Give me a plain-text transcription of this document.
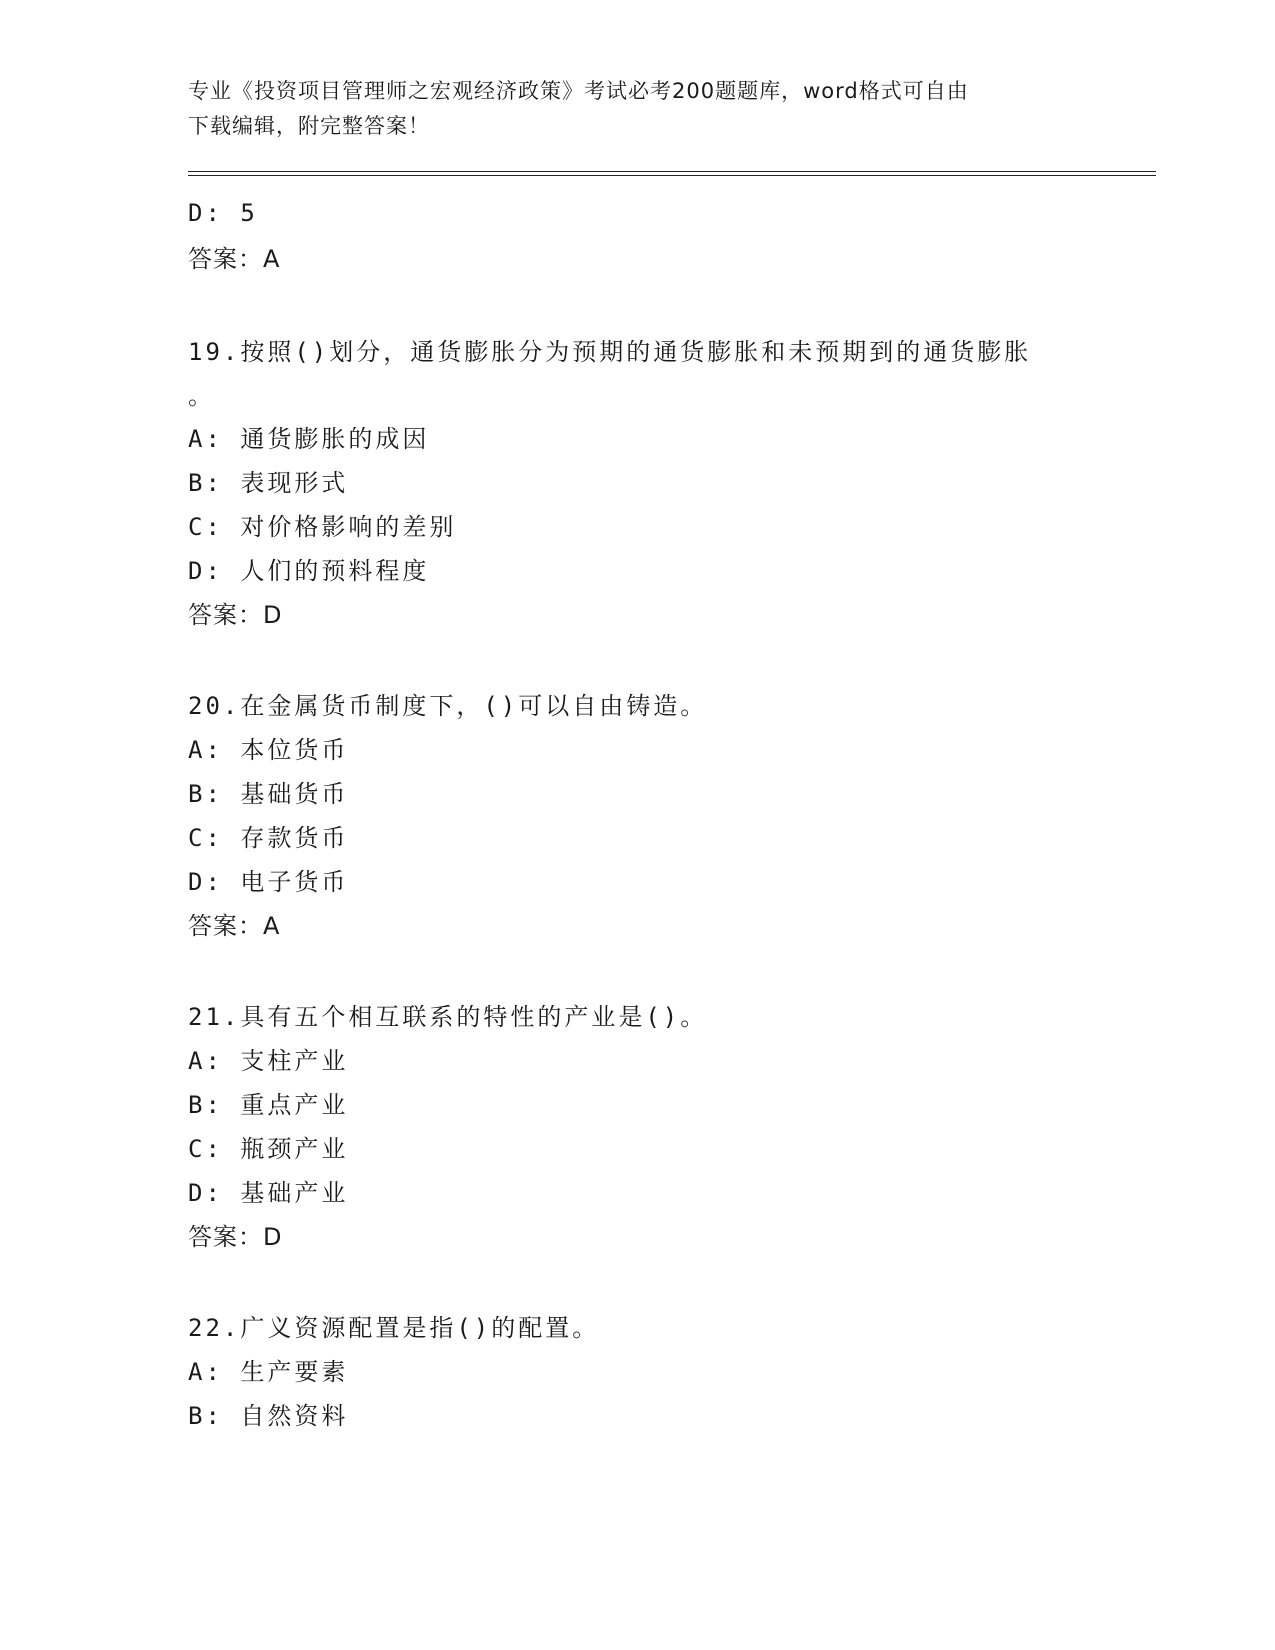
专业《投资项目管理师之宏观经济政策》考试必考200题题库，word格式可自由
下载编辑，附完整答案！
D: 5
答案：A
19.按照()划分，通货膨胀分为预期的通货膨胀和未预期到的通货膨胀
。
A: 通货膨胀的成因
B: 表现形式
C: 对价格影响的差别
D: 人们的预料程度
答案：D
20.在金属货币制度下，()可以自由铸造。
A: 本位货币
B: 基础货币
C: 存款货币
D: 电子货币
答案：A
21.具有五个相互联系的特性的产业是()。
A: 支柱产业
B: 重点产业
C: 瓶颈产业
D: 基础产业
答案：D
22.广义资源配置是指()的配置。
A: 生产要素
B: 自然资料
